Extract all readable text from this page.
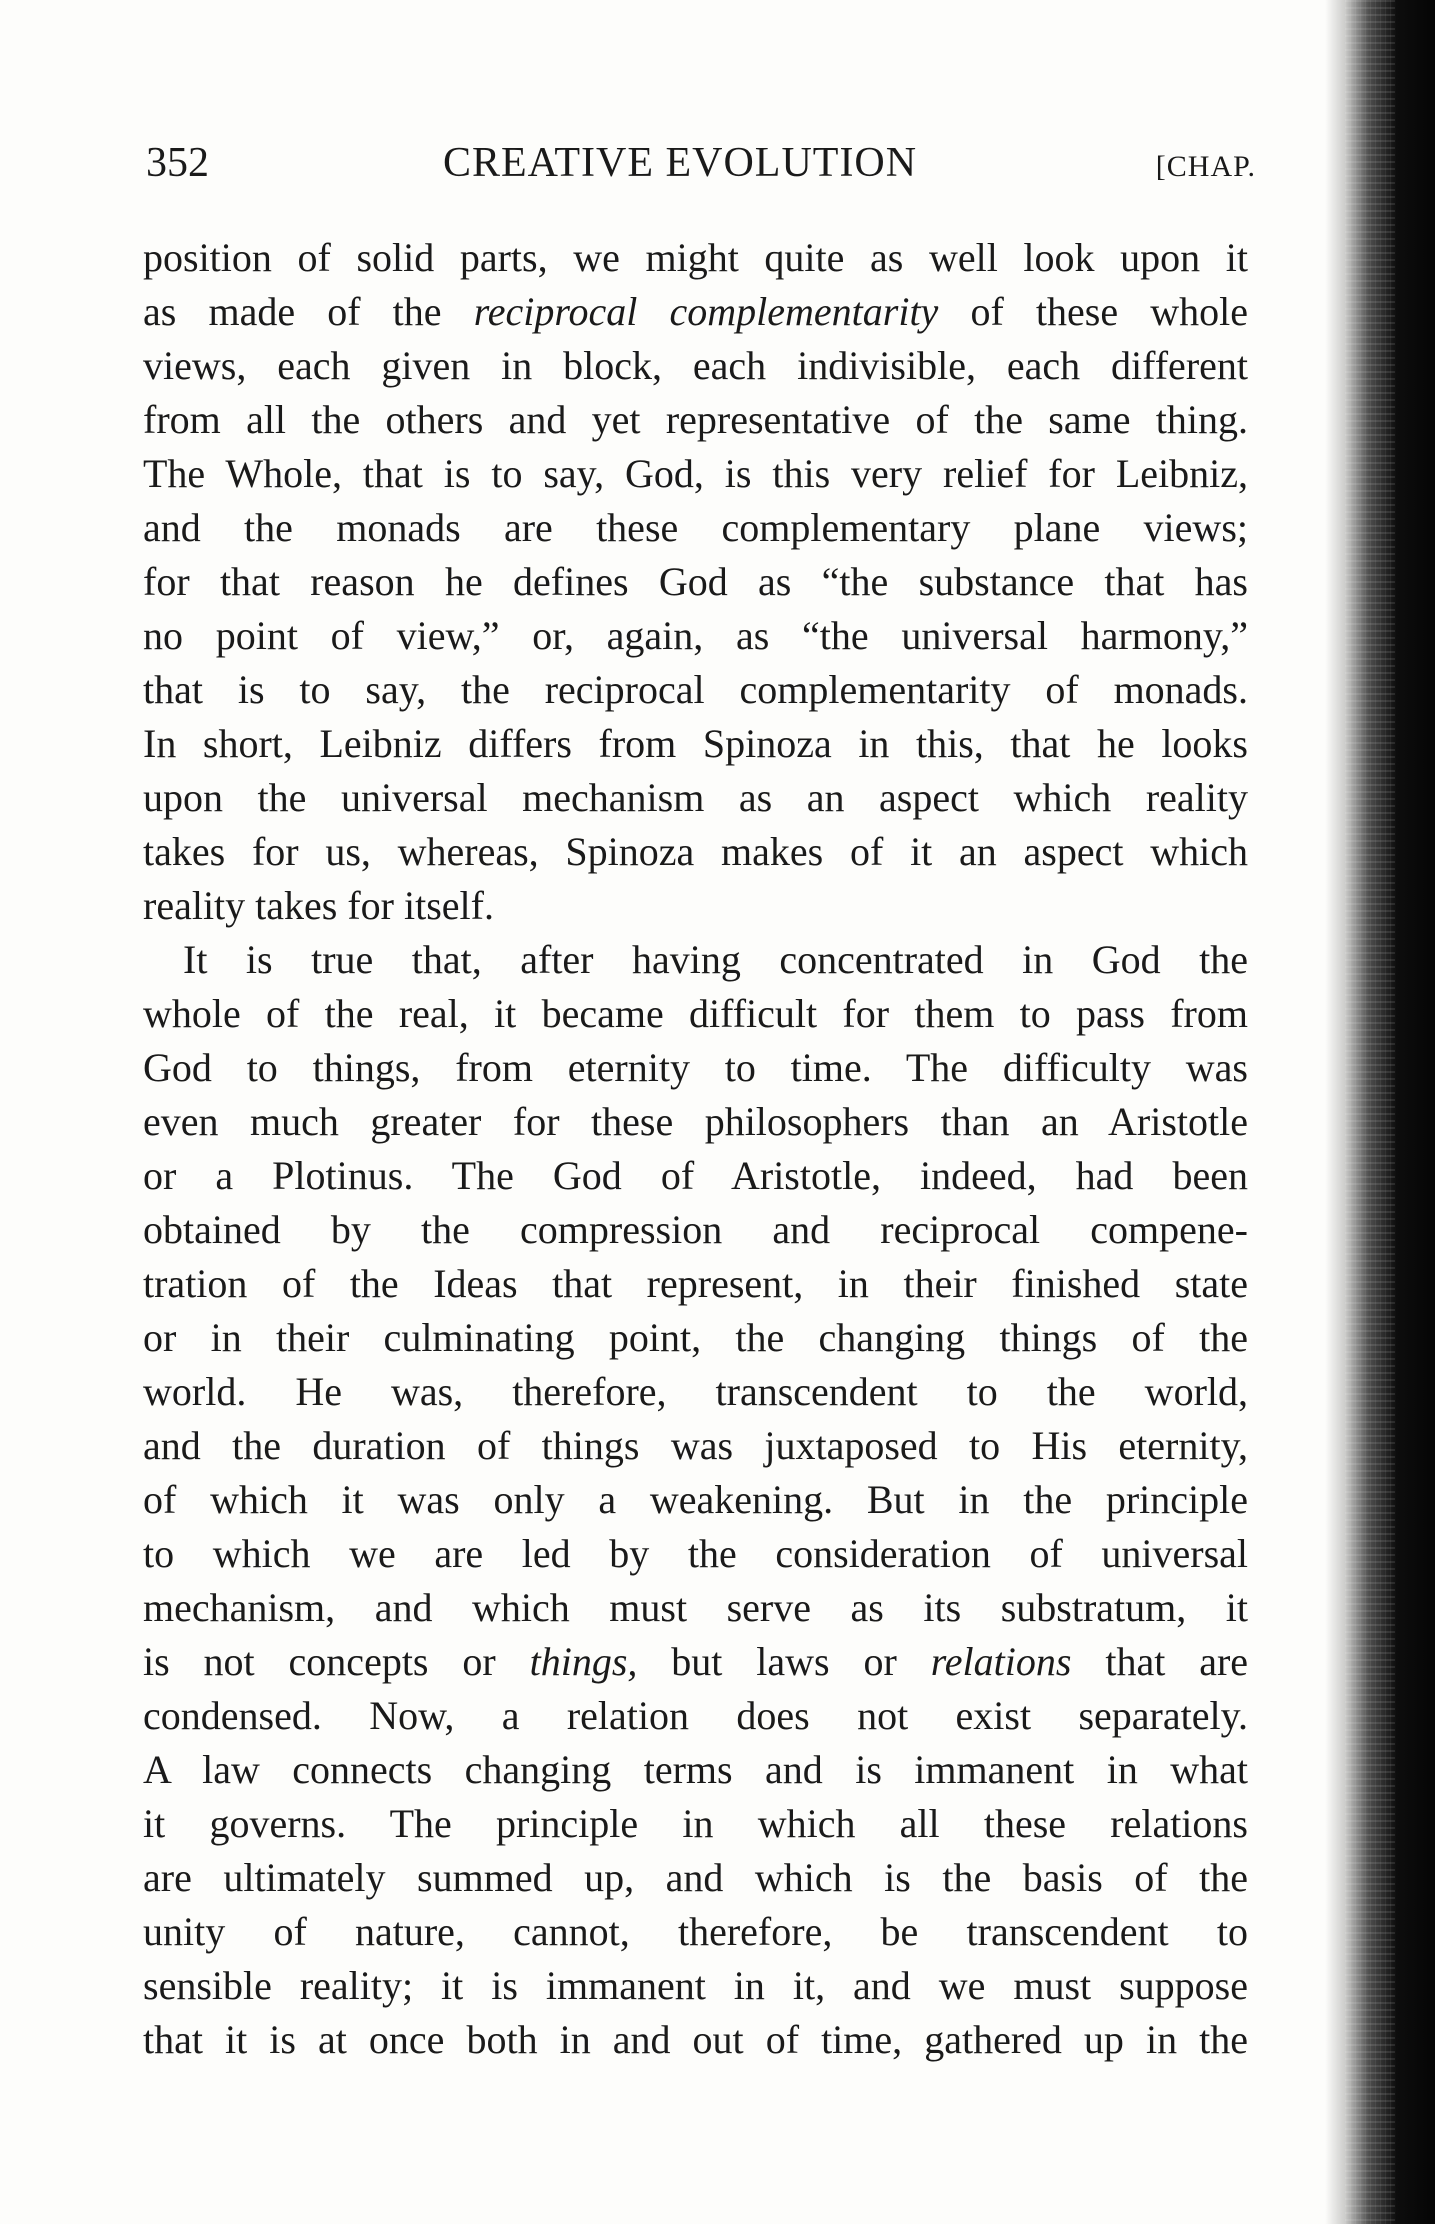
352	CREATIVE EVOLUTION	[CHAP.
position of solid parts, we might quite as well look upon it
as made of the reciprocal complementarity of these whole
views, each given in block, each indivisible, each different
from all the others and yet representative of the same thing.
The Whole, that is to say, God, is this very relief for Leibniz,
and the monads are these complementary plane views;
for that reason he defines God as “the substance that has
no point of view,” or, again, as “the universal harmony,”
that is to say, the reciprocal complementarity of monads.
In short, Leibniz differs from Spinoza in this, that he looks
upon the universal mechanism as an aspect which reality
takes for us, whereas, Spinoza makes of it an aspect which
reality takes for itself.
It is true that, after having concentrated in God the
whole of the real, it became difficult for them to pass from
God to things, from eternity to time. The difficulty was
even much greater for these philosophers than an Aristotle
or a Plotinus. The God of Aristotle, indeed, had been
obtained by the compression and reciprocal compene-
tration of the Ideas that represent, in their finished state
or in their culminating point, the changing things of the
world. He was, therefore, transcendent to the world,
and the duration of things was juxtaposed to His eternity,
of which it was only a weakening. But in the principle
to which we are led by the consideration of universal
mechanism, and which must serve as its substratum, it
is not concepts or things, but laws or relations that are
condensed. Now, a relation does not exist separately.
A law connects changing terms and is immanent in what
it governs. The principle in which all these relations
are ultimately summed up, and which is the basis of the
unity of nature, cannot, therefore, be transcendent to
sensible reality; it is immanent in it, and we must suppose
that it is at once both in and out of time, gathered up in the
